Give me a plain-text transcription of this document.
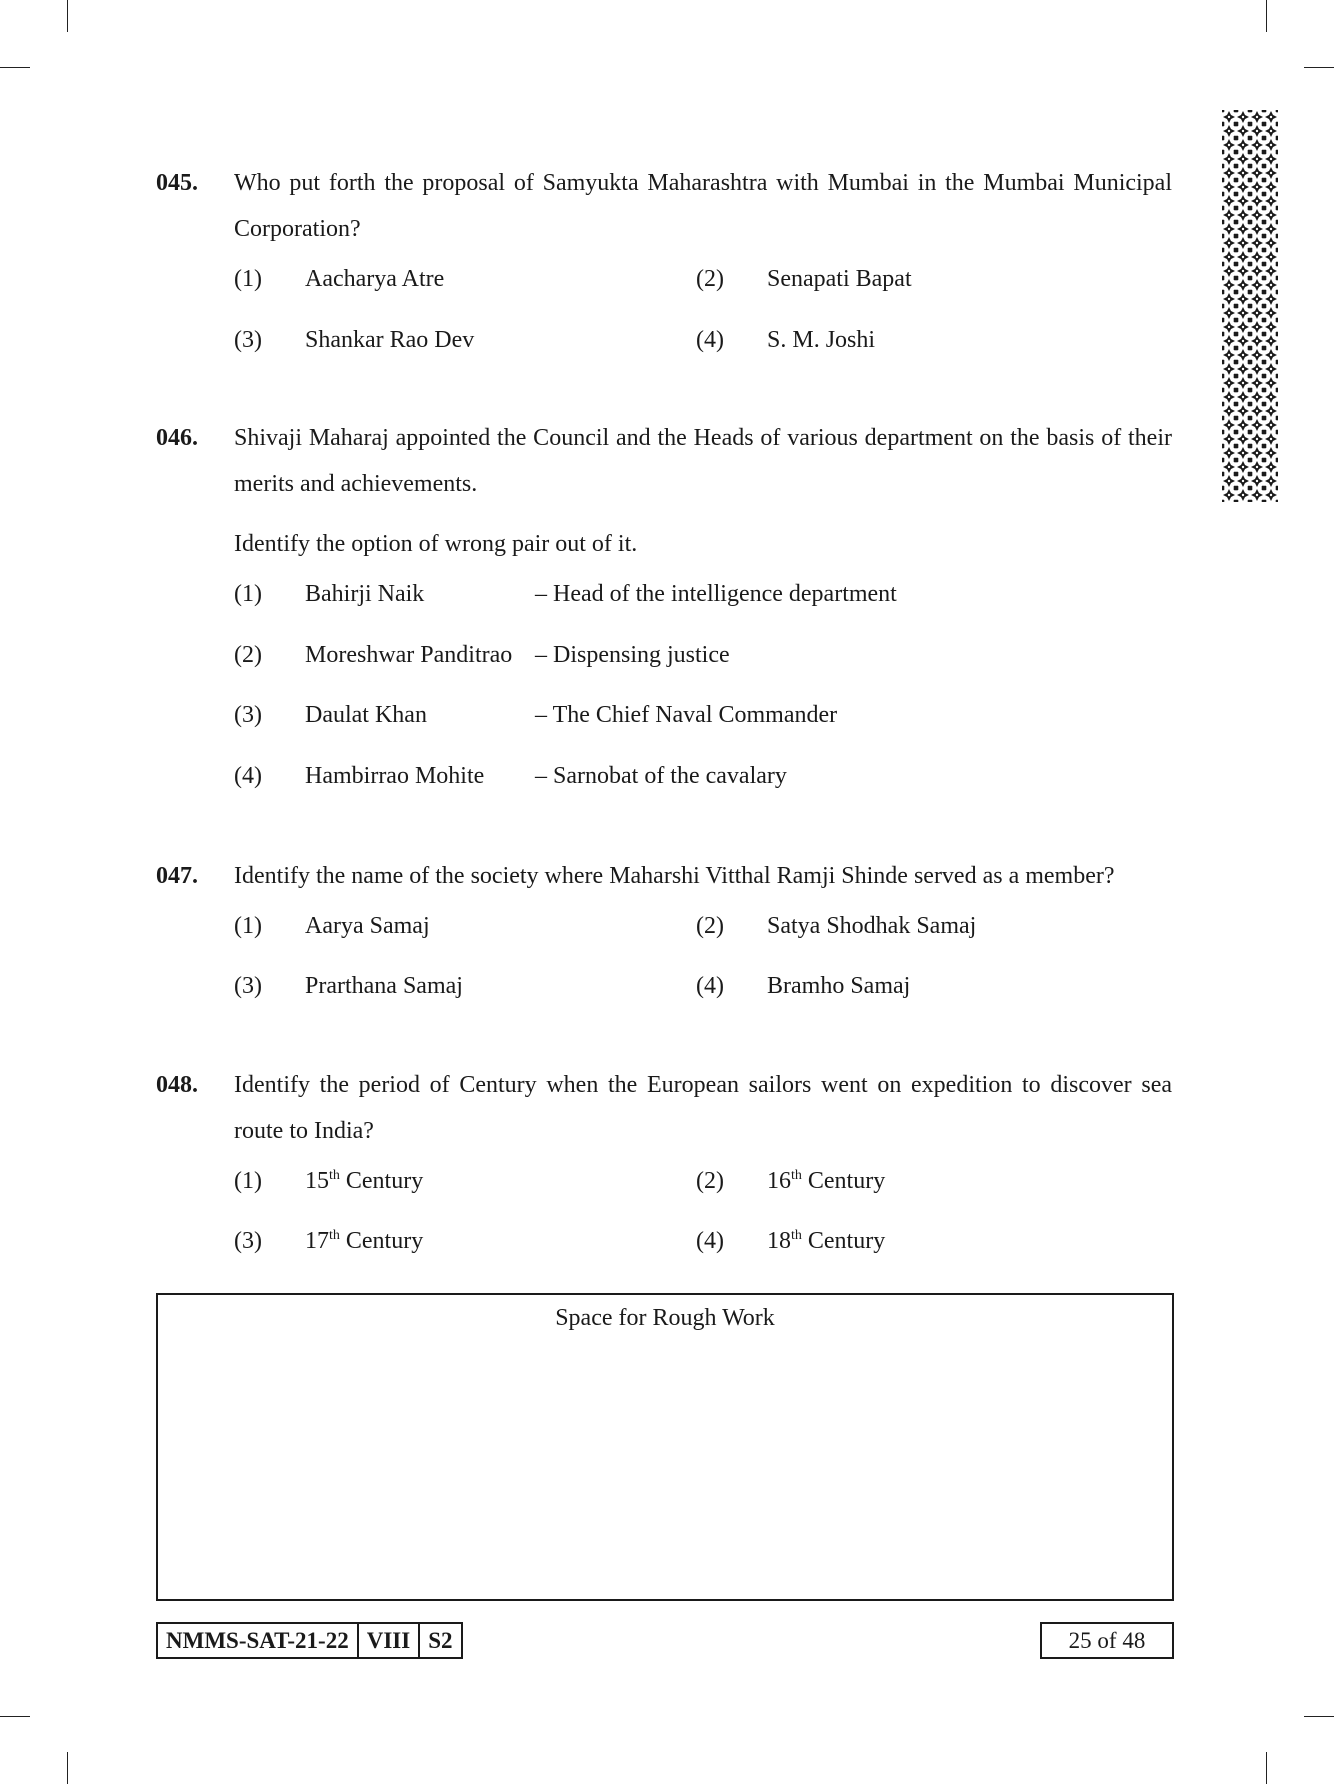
045. Who put forth the proposal of Samyukta Maharashtra with Mumbai in the Mumbai Municipal Corporation?
(1) Aacharya Atre	(2) Senapati Bapat
(3) Shankar Rao Dev	(4) S. M. Joshi
046. Shivaji Maharaj appointed the Council and the Heads of various department on the basis of their merits and achievements.
Identify the option of wrong pair out of it.
(1) Bahirji Naik	– Head of the intelligence department
(2) Moreshwar Panditrao – Dispensing justice
(3) Daulat Khan	– The Chief Naval Commander
(4) Hambirrao Mohite – Sarnobat of the cavalary
047. Identify the name of the society where Maharshi Vitthal Ramji Shinde served as a member?
(1) Aarya Samaj	(2) Satya Shodhak Samaj
(3) Prarthana Samaj	(4) Bramho Samaj
048. Identify the period of Century when the European sailors went on expedition to discover sea route to India?
(1) 15th Century	(2) 16th Century
(3) 17th Century	(4) 18th Century
Space for Rough Work
NMMS-SAT-21-22 VIII S2	25 of 48
